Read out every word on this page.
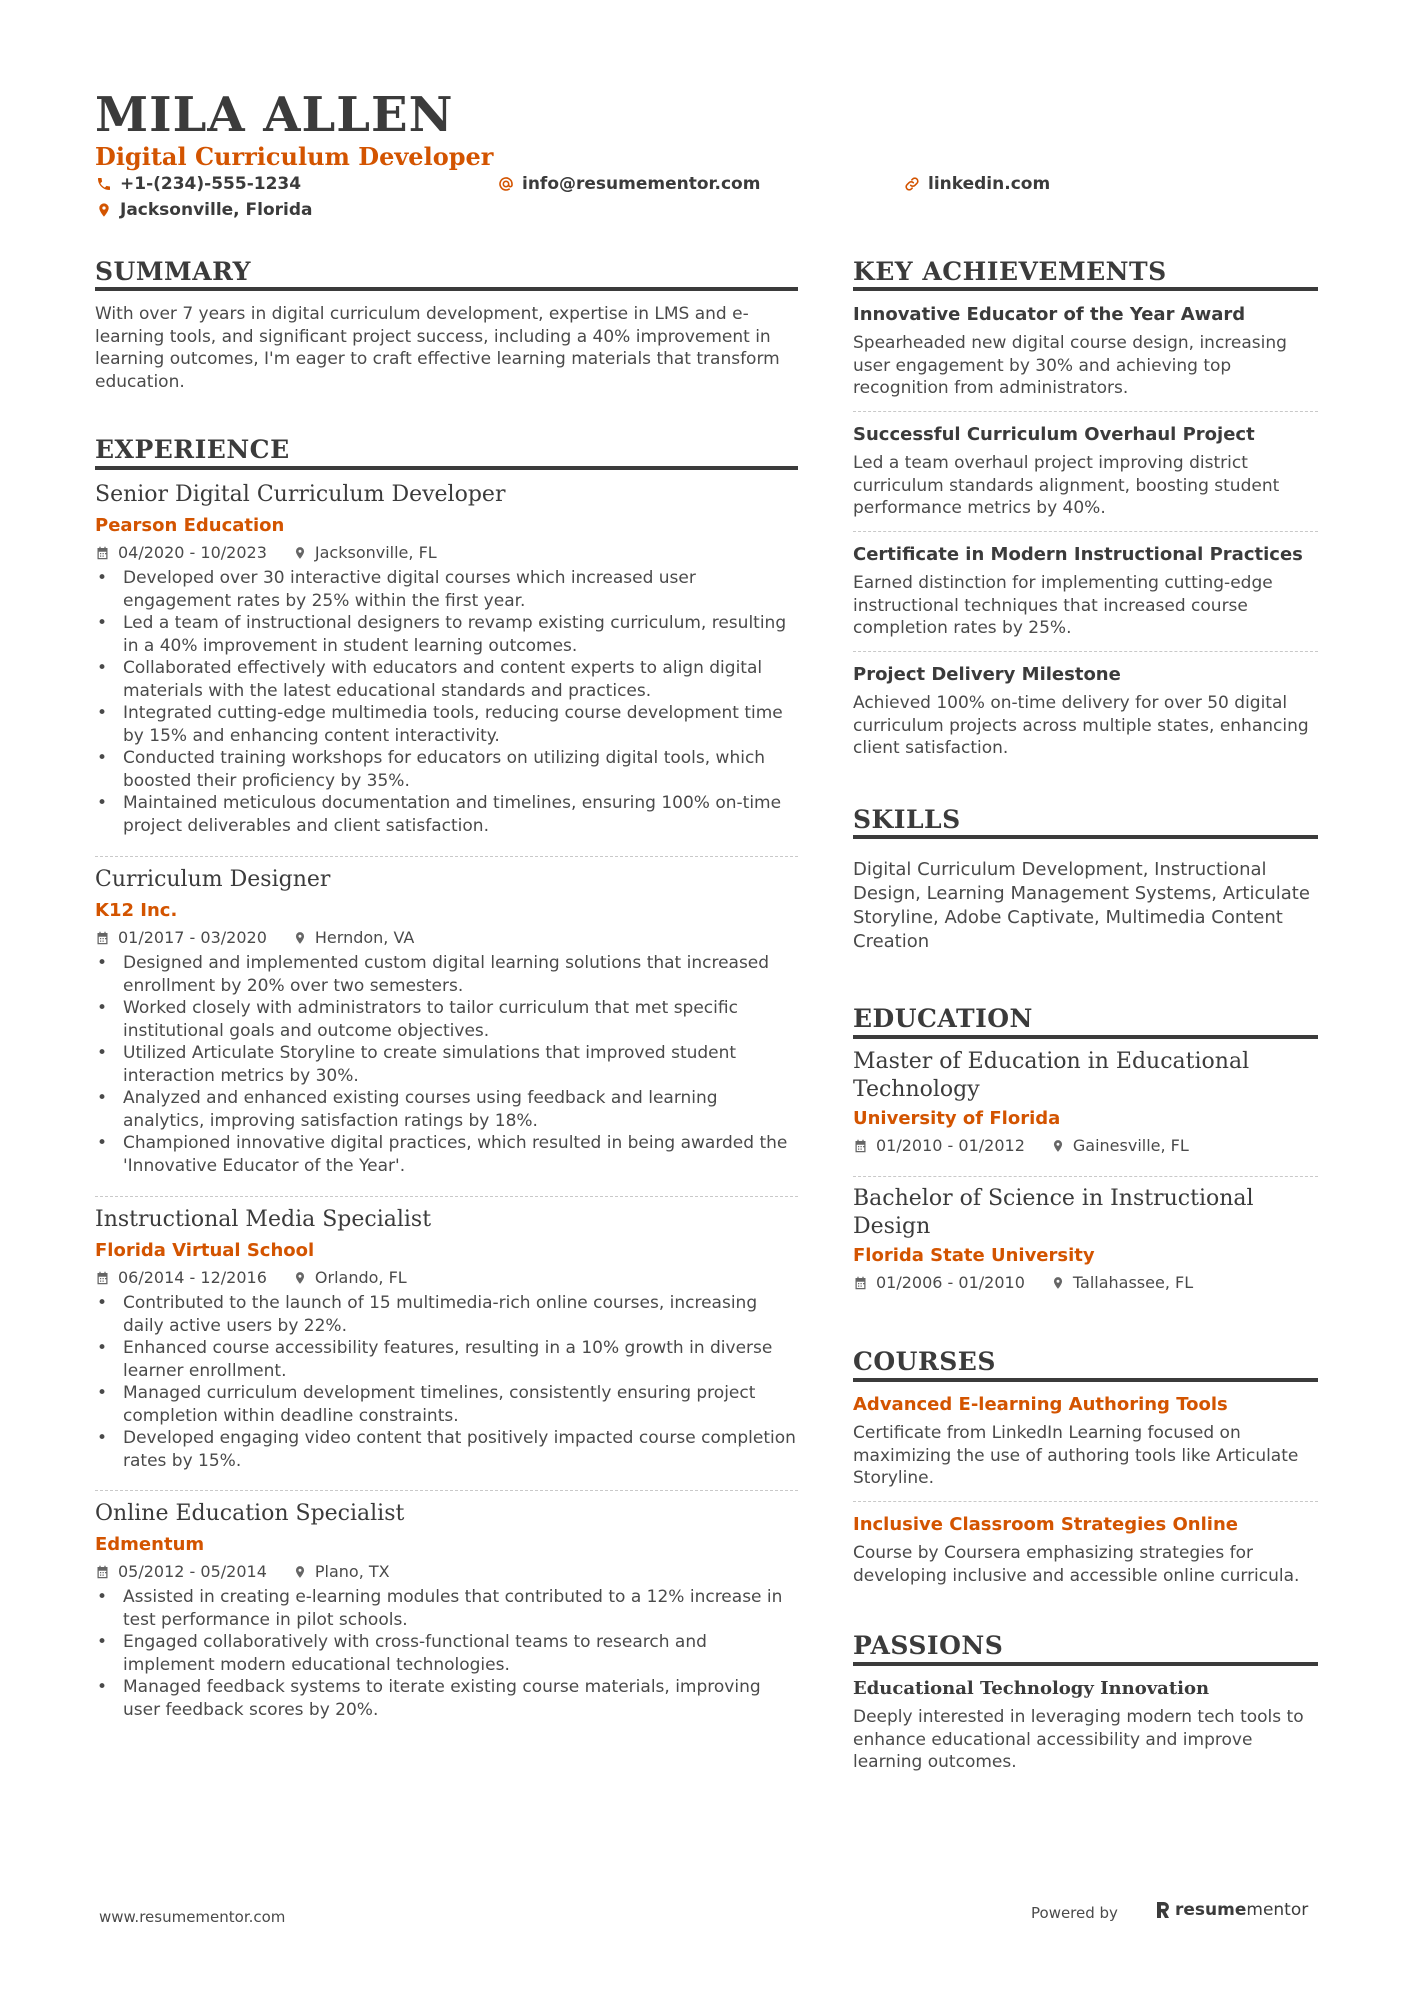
MILA ALLEN
Digital Curriculum Developer
+1-(234)-555-1234	info@resumementor.com	linkedin.com
Jacksonville, Florida
SUMMARY
With over 7 years in digital curriculum development, expertise in LMS and e-learning tools, and significant project success, including a 40% improvement in learning outcomes, I'm eager to craft effective learning materials that transform education.
EXPERIENCE
Senior Digital Curriculum Developer
Pearson Education
04/2020 - 10/2023	Jacksonville, FL
• Developed over 30 interactive digital courses which increased user engagement rates by 25% within the first year.
• Led a team of instructional designers to revamp existing curriculum, resulting in a 40% improvement in student learning outcomes.
• Collaborated effectively with educators and content experts to align digital materials with the latest educational standards and practices.
• Integrated cutting-edge multimedia tools, reducing course development time by 15% and enhancing content interactivity.
• Conducted training workshops for educators on utilizing digital tools, which boosted their proficiency by 35%.
• Maintained meticulous documentation and timelines, ensuring 100% on-time project deliverables and client satisfaction.
Curriculum Designer
K12 Inc.
01/2017 - 03/2020	Herndon, VA
• Designed and implemented custom digital learning solutions that increased enrollment by 20% over two semesters.
• Worked closely with administrators to tailor curriculum that met specific institutional goals and outcome objectives.
• Utilized Articulate Storyline to create simulations that improved student interaction metrics by 30%.
• Analyzed and enhanced existing courses using feedback and learning analytics, improving satisfaction ratings by 18%.
• Championed innovative digital practices, which resulted in being awarded the 'Innovative Educator of the Year'.
Instructional Media Specialist
Florida Virtual School
06/2014 - 12/2016	Orlando, FL
• Contributed to the launch of 15 multimedia-rich online courses, increasing daily active users by 22%.
• Enhanced course accessibility features, resulting in a 10% growth in diverse learner enrollment.
• Managed curriculum development timelines, consistently ensuring project completion within deadline constraints.
• Developed engaging video content that positively impacted course completion rates by 15%.
Online Education Specialist
Edmentum
05/2012 - 05/2014	Plano, TX
• Assisted in creating e-learning modules that contributed to a 12% increase in test performance in pilot schools.
• Engaged collaboratively with cross-functional teams to research and implement modern educational technologies.
• Managed feedback systems to iterate existing course materials, improving user feedback scores by 20%.
KEY ACHIEVEMENTS
Innovative Educator of the Year Award
Spearheaded new digital course design, increasing user engagement by 30% and achieving top recognition from administrators.
Successful Curriculum Overhaul Project
Led a team overhaul project improving district curriculum standards alignment, boosting student performance metrics by 40%.
Certificate in Modern Instructional Practices
Earned distinction for implementing cutting-edge instructional techniques that increased course completion rates by 25%.
Project Delivery Milestone
Achieved 100% on-time delivery for over 50 digital curriculum projects across multiple states, enhancing client satisfaction.
SKILLS
Digital Curriculum Development, Instructional Design, Learning Management Systems, Articulate Storyline, Adobe Captivate, Multimedia Content Creation
EDUCATION
Master of Education in Educational Technology
University of Florida
01/2010 - 01/2012	Gainesville, FL
Bachelor of Science in Instructional Design
Florida State University
01/2006 - 01/2010	Tallahassee, FL
COURSES
Advanced E-learning Authoring Tools
Certificate from LinkedIn Learning focused on maximizing the use of authoring tools like Articulate Storyline.
Inclusive Classroom Strategies Online
Course by Coursera emphasizing strategies for developing inclusive and accessible online curricula.
PASSIONS
Educational Technology Innovation
Deeply interested in leveraging modern tech tools to enhance educational accessibility and improve learning outcomes.
www.resumementor.com	Powered by	resumementor
